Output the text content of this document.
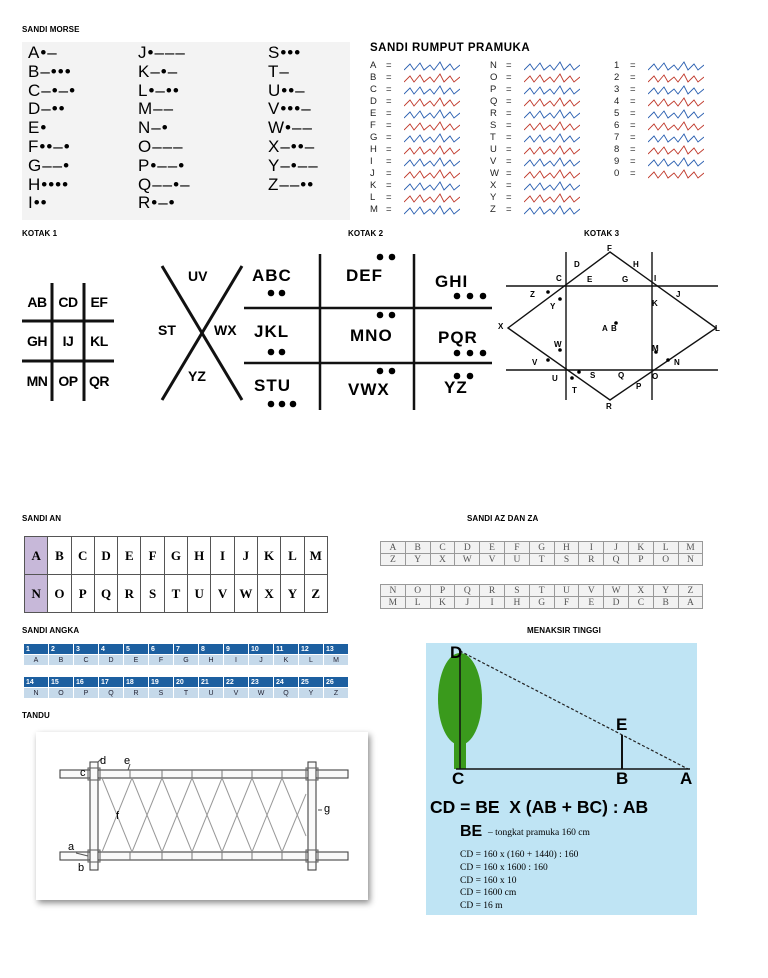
SANDI MORSE
KOTAK 1	KOTAK 2	KOTAK 3
SANDI AN	SANDI AZ DAN ZA
SANDI ANGKA	MENAKSIR TINGGI
TANDU
A•–
B–•••
C–•–•
D–••
E•
F••–•
G––•
H••••
I••
J•–––
K–•–
L•–••
M––
N–•
O–––
P•––•
Q––•–
R•–•
S•••
T–
U••–
V•••–
W•––
X–••–
Y–•––
Z––••
SANDI RUMPUT PRAMUKA
A	=
B	=
C =
D =
E	=
F	=
G =
H =
I	=
J	=
K	=
L	=
M =
N =
O =
P	=
Q =
R =
S	=
T	=
U =
V	=
W =
X	=
Y	=
Z	=
1	=
2	=
3	=
4	=
5	=
6	=
7	=
8	=
9	=
0	=
AB CD EF
GH	IJ	KL
MN OP QR
UV
ST	WX
YZ
ABC	DEF	GHI
JKL	MNO	PQR
STU	VWX	YZ
F
D	H
C	E	G	I
Z	J
Y	K
X	A B	L
W	M
V	N
U	S	Q	O
T	P
R
A	B	C	D	E	F	G	H	I	J	K	L	M
N	O	P	Q	R	S	T	U	V	W	X	Y	Z
A	B	C	D	E	F	G	H	I	J	K	L	M
Z	Y	X	W	V	U	T	S	R	Q	P	O	N
N	O	P	Q	R	S	T	U	V	W	X	Y	Z
M	L	K	J	I	H	G	F	E	D	C	B	A
1	2	3	4	5	6	7	8	9	10	11	12	13
A	B	C	D	E	F	G	H	I	J	K	L	M
14	15	16	17	18	19	20	21	22	23	24	25	26
N	O	P	Q	R	S	T	U	V	W	Q	Y	Z
D
E
C	B	A
CD = BE  X (AB + BC) : AB
BE – tongkat pramuka 160 cm
CD = 160 x (160 + 1440) : 160
CD = 160 x 1600 : 160
CD = 160 x 10
CD = 1600 cm
CD = 16 m
a
b
c
d e
f
g
